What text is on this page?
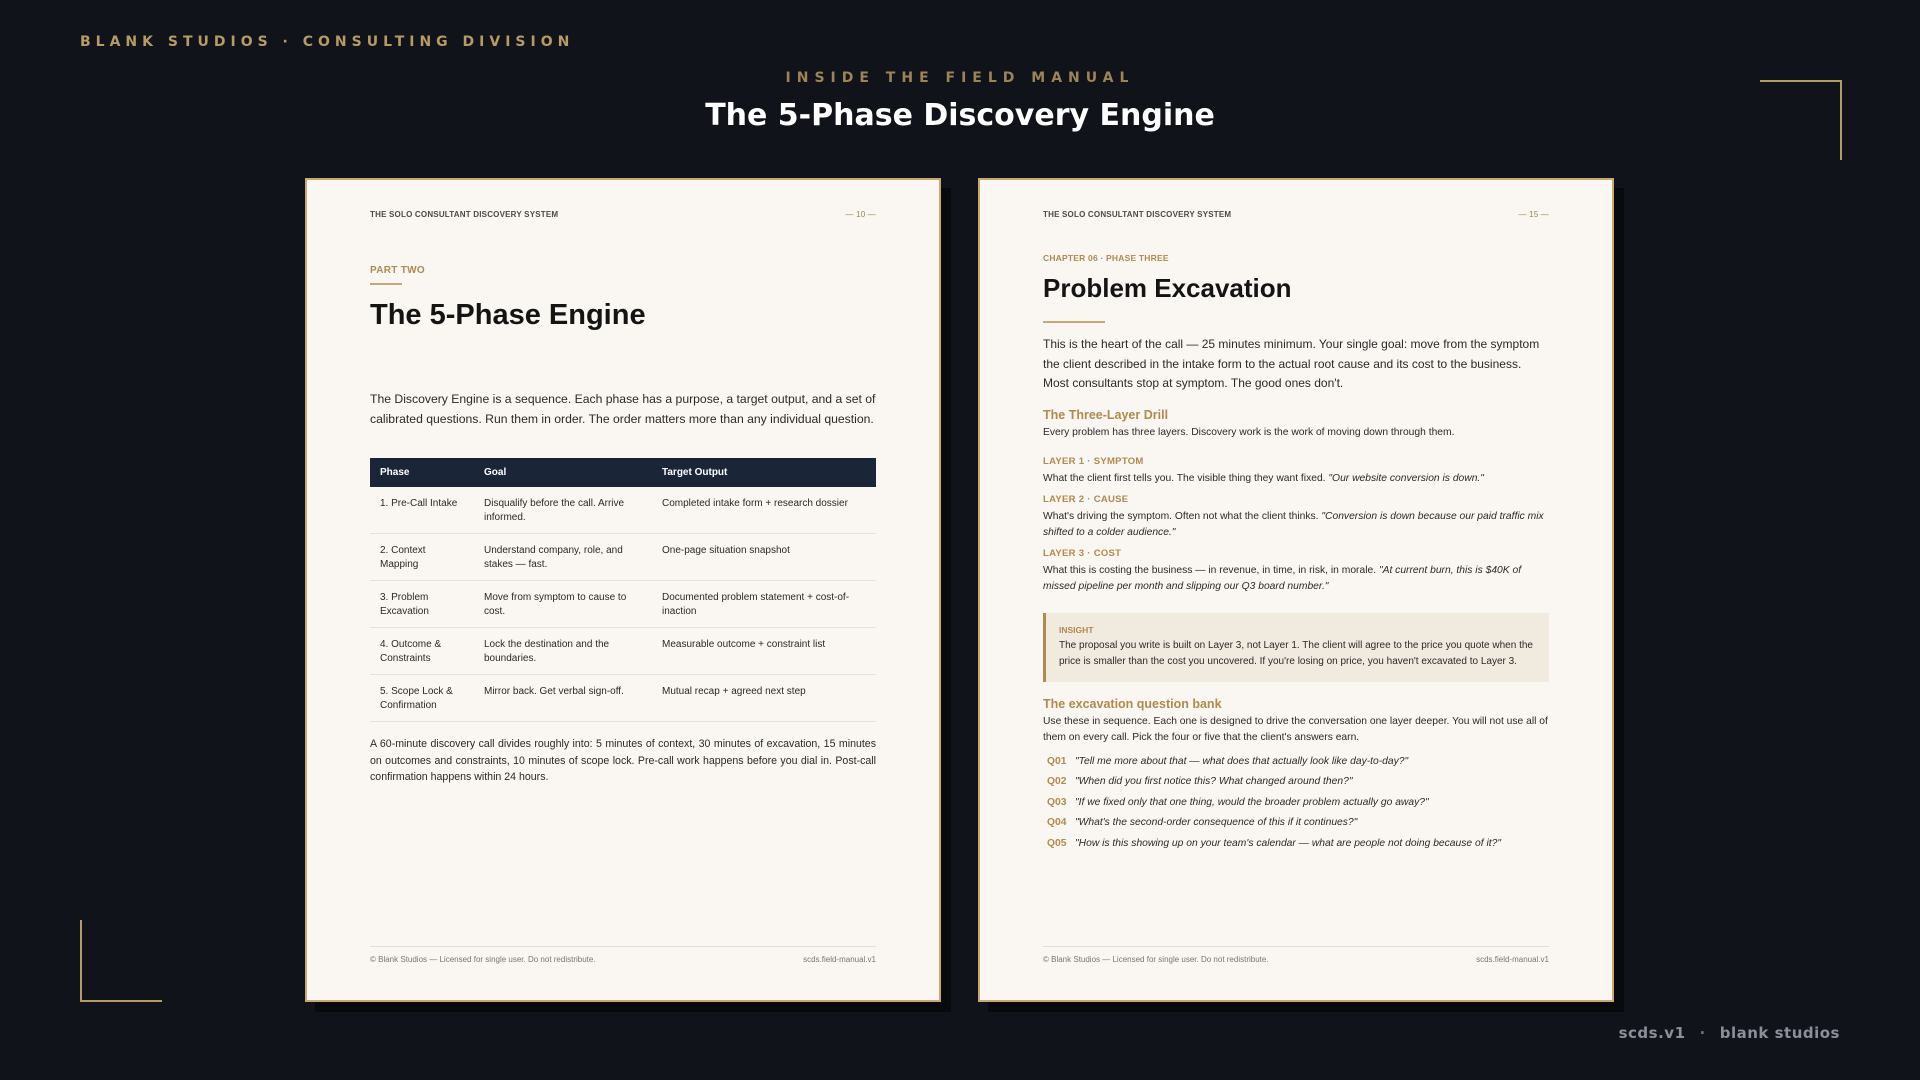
BLANK STUDIOS · CONSULTING DIVISION
INSIDE THE FIELD MANUAL
The 5-Phase Discovery Engine
THE SOLO CONSULTANT DISCOVERY SYSTEM	— 10 —
PART TWO
The 5-Phase Engine

The Discovery Engine is a sequence. Each phase has a purpose, a target output, and a set of calibrated questions. Run them in order. The order matters more than any individual question.

Phase	Goal	Target Output
1. Pre-Call Intake	Disqualify before the call. Arrive informed.	Completed intake form + research dossier
2. Context Mapping	Understand company, role, and stakes — fast.	One-page situation snapshot
3. Problem Excavation	Move from symptom to cause to cost.	Documented problem statement + cost-of-inaction
4. Outcome & Constraints	Lock the destination and the boundaries.	Measurable outcome + constraint list
5. Scope Lock & Confirmation	Mirror back. Get verbal sign-off.	Mutual recap + agreed next step

A 60-minute discovery call divides roughly into: 5 minutes of context, 30 minutes of excavation, 15 minutes on outcomes and constraints, 10 minutes of scope lock. Pre-call work happens before you dial in. Post-call confirmation happens within 24 hours.

© Blank Studios — Licensed for single user. Do not redistribute.	scds.field-manual.v1
THE SOLO CONSULTANT DISCOVERY SYSTEM	— 15 —
CHAPTER 06 · PHASE THREE
Problem Excavation

This is the heart of the call — 25 minutes minimum. Your single goal: move from the symptom the client described in the intake form to the actual root cause and its cost to the business. Most consultants stop at symptom. The good ones don't.

The Three-Layer Drill

Every problem has three layers. Discovery work is the work of moving down through them.

LAYER 1 · SYMPTOM

What the client first tells you. The visible thing they want fixed. "Our website conversion is down."

LAYER 2 · CAUSE

What's driving the symptom. Often not what the client thinks. "Conversion is down because our paid traffic mix shifted to a colder audience."

LAYER 3 · COST

What this is costing the business — in revenue, in time, in risk, in morale. "At current burn, this is $40K of missed pipeline per month and slipping our Q3 board number."

INSIGHT
The proposal you write is built on Layer 3, not Layer 1. The client will agree to the price you quote when the price is smaller than the cost you uncovered. If you're losing on price, you haven't excavated to Layer 3.
The excavation question bank

Use these in sequence. Each one is designed to drive the conversation one layer deeper. You will not use all of them on every call. Pick the four or five that the client's answers earn.

Q01 "Tell me more about that — what does that actually look like day-to-day?"
Q02 "When did you first notice this? What changed around then?"
Q03 "If we fixed only that one thing, would the broader problem actually go away?"
Q04 "What's the second-order consequence of this if it continues?"
Q05 "How is this showing up on your team's calendar — what are people not doing because of it?"
© Blank Studios — Licensed for single user. Do not redistribute.	scds.field-manual.v1
scds.v1 · blank studios
